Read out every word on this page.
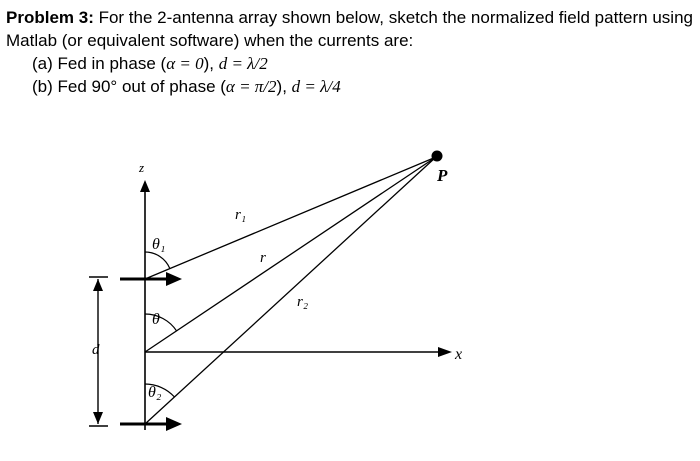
Problem 3: For the 2-antenna array shown below, sketch the normalized field pattern using
Matlab (or equivalent software) when the currents are:
(a) Fed in phase (α = 0), d = λ/2
(b) Fed 90° out of phase (α = π/2), d = λ/4
z
x
P
r₁
r
r₂
θ₁
θ
θ₂
d
